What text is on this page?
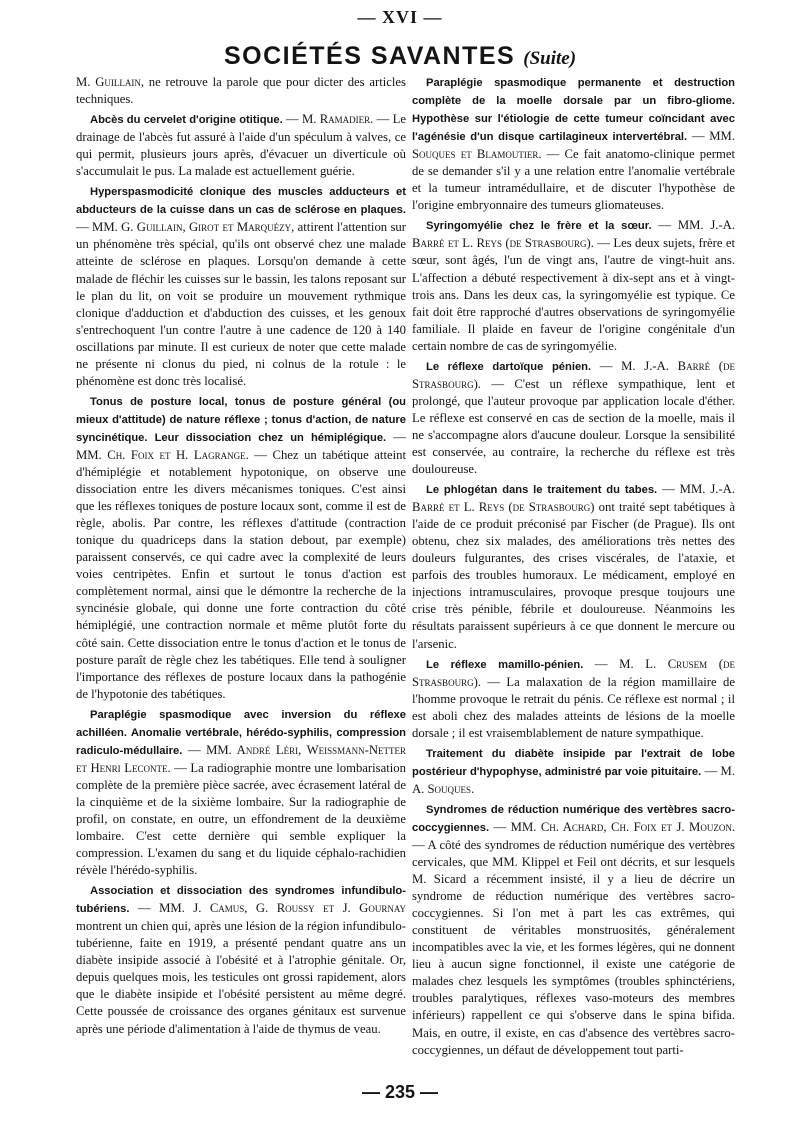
— XVI —
SOCIÉTÉS SAVANTES (Suite)

M. Guillain, ne retrouve la parole que pour dicter des articles techniques.

Abcès du cervelet d'origine otitique. — M. Ramadier. — Le drainage de l'abcès fut assuré à l'aide d'un spéculum à valves, ce qui permit, plusieurs jours après, d'évacuer un diverticule où s'accumulait le pus. La malade est actuellement guérie.

Hyperspasmodicité clonique des muscles adducteurs et abducteurs de la cuisse dans un cas de sclérose en plaques. — MM. G. Guillain, Girot et Marquézy, attirent l'attention sur un phénomène très spécial, qu'ils ont observé chez une malade atteinte de sclérose en plaques. Lorsqu'on demande à cette malade de fléchir les cuisses sur le bassin, les talons reposant sur le plan du lit, on voit se produire un mouvement rythmique clonique d'adduction et d'abduction des cuisses, et les genoux s'entrechoquent l'un contre l'autre à une cadence de 120 à 140 oscillations par minute. Il est curieux de noter que cette malade ne présente ni clonus du pied, ni colnus de la rotule : le phénomène est donc très localisé.

Tonus de posture local, tonus de posture général (ou mieux d'attitude) de nature réflexe ; tonus d'action, de nature syncinétique. Leur dissociation chez un hémiplégique. — MM. Ch. Foix et H. Lagrange. — Chez un tabétique atteint d'hémiplégie et notablement hypotonique, on observe une dissociation entre les divers mécanismes toniques. C'est ainsi que les réflexes toniques de posture locaux sont, comme il est de règle, abolis. Par contre, les réflexes d'attitude (contraction tonique du quadriceps dans la station debout, par exemple) paraissent conservés, ce qui cadre avec la complexité de leurs voies centripètes. Enfin et surtout le tonus d'action est complètement normal, ainsi que le démontre la recherche de la syncinésie globale, qui donne une forte contraction du côté hémiplégié, une contraction normale et même plutôt forte du côté sain. Cette dissociation entre le tonus d'action et le tonus de posture paraît de règle chez les tabétiques. Elle tend à souligner l'importance des réflexes de posture locaux dans la pathogénie de l'hypotonie des tabétiques.

Paraplégie spasmodique avec inversion du réflexe achilléen. Anomalie vertébrale, hérédo-syphilis, compression radiculo-médullaire. — MM. André Léri, Weissmann-Netter et Henri Leconte. — La radiographie montre une lombarisation complète de la première pièce sacrée, avec écrasement latéral de la cinquième et de la sixième lombaire. Sur la radiographie de profil, on constate, en outre, un effondrement de la deuxième lombaire. C'est cette dernière qui semble expliquer la compression. L'examen du sang et du liquide céphalo-rachidien révèle l'hérédo-syphilis.

Association et dissociation des syndromes infundibulo-tubériens. — MM. J. Camus, G. Roussy et J. Gournay montrent un chien qui, après une lésion de la région infundibulo-tubérienne, faite en 1919, a présenté pendant quatre ans un diabète insipide associé à l'obésité et à l'atrophie génitale. Or, depuis quelques mois, les testicules ont grossi rapidement, alors que le diabète insipide et l'obésité persistent au même degré. Cette poussée de croissance des organes génitaux est survenue après une période d'alimentation à l'aide de thymus de veau.

Paraplégie spasmodique permanente et destruction complète de la moelle dorsale par un fibro-gliome. Hypothèse sur l'étiologie de cette tumeur coïncidant avec l'agénésie d'un disque cartilagineux intervertébral. — MM. Souques et Blamoutier. — Ce fait anatomo-clinique permet de se demander s'il y a une relation entre l'anomalie vertébrale et la tumeur intramédullaire, et de discuter l'hypothèse de l'origine embryonnaire des tumeurs gliomateuses.

Syringomyélie chez le frère et la sœur. — MM. J.-A. Barré et L. Reys (de Strasbourg). — Les deux sujets, frère et sœur, sont âgés, l'un de vingt ans, l'autre de vingt-huit ans. L'affection a débuté respectivement à dix-sept ans et à vingt-trois ans. Dans les deux cas, la syringomyélie est typique. Ce fait doit être rapproché d'autres observations de syringomyélie familiale. Il plaide en faveur de l'origine congénitale d'un certain nombre de cas de syringomyélie.

Le réflexe dartoïque pénien. — M. J.-A. Barré (de Strasbourg). — C'est un réflexe sympathique, lent et prolongé, que l'auteur provoque par application locale d'éther. Le réflexe est conservé en cas de section de la moelle, mais il ne s'accompagne alors d'aucune douleur. Lorsque la sensibilité est conservée, au contraire, la recherche du réflexe est très douloureuse.

Le phlogétan dans le traitement du tabes. — MM. J.-A. Barré et L. Reys (de Strasbourg) ont traité sept tabétiques à l'aide de ce produit préconisé par Fischer (de Prague). Ils ont obtenu, chez six malades, des améliorations très nettes des douleurs fulgurantes, des crises viscérales, de l'ataxie, et parfois des troubles humoraux. Le médicament, employé en injections intramusculaires, provoque presque toujours une crise très pénible, fébrile et douloureuse. Néanmoins les résultats paraissent supérieurs à ce que donnent le mercure ou l'arsenic.

Le réflexe mamillo-pénien. — M. L. Crusem (de Strasbourg). — La malaxation de la région mamillaire de l'homme provoque le retrait du pénis. Ce réflexe est normal ; il est aboli chez des malades atteints de lésions de la moelle dorsale ; il est vraisemblablement de nature sympathique.

Traitement du diabète insipide par l'extrait de lobe postérieur d'hypophyse, administré par voie pituitaire. — M. A. Souques.

Syndromes de réduction numérique des vertèbres sacro-coccygiennes. — MM. Ch. Achard, Ch. Foix et J. Mouzon. — A côté des syndromes de réduction numérique des vertèbres cervicales, que MM. Klippel et Feil ont décrits, et sur lesquels M. Sicard a récemment insisté, il y a lieu de décrire un syndrome de réduction numérique des vertèbres sacro-coccygiennes. Si l'on met à part les cas extrêmes, qui constituent de véritables monstruosités, généralement incompatibles avec la vie, et les formes légères, qui ne donnent lieu à aucun signe fonctionnel, il existe une catégorie de malades chez lesquels les symptômes (troubles sphinctériens, troubles paralytiques, réflexes vaso-moteurs des membres inférieurs) rappellent ce qui s'observe dans le spina bifida. Mais, en outre, il existe, en cas d'absence des vertèbres sacro-coccygiennes, un défaut de développement tout parti-

— 235 —
